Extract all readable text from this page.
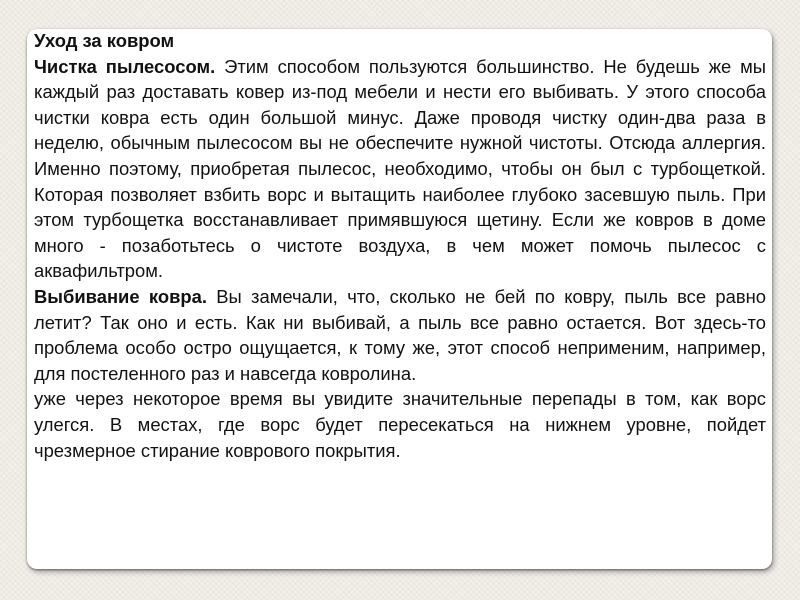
Уход за ковром

Чистка пылесосом. Этим способом пользуются большинство. Не будешь же мы каждый раз доставать ковер из-под мебели и нести его выбивать. У этого способа чистки ковра есть один большой минус. Даже проводя чистку один-два раза в неделю, обычным пылесосом вы не обеспечите нужной чистоты. Отсюда аллергия. Именно поэтому, приобретая пылесос, необходимо, чтобы он был с турбощеткой. Которая позволяет взбить ворс и вытащить наиболее глубоко засевшую пыль. При этом турбощетка восстанавливает примявшуюся щетину. Если же ковров в доме много - позаботьтесь о чистоте воздуха, в чем может помочь пылесос с аквафильтром.

Выбивание ковра. Вы замечали, что, сколько не бей по ковру, пыль все равно летит? Так оно и есть. Как ни выбивай, а пыль все равно остается. Вот здесь-то проблема особо остро ощущается, к тому же, этот способ неприменим, например, для постеленного раз и навсегда ковролина.

уже через некоторое время вы увидите значительные перепады в том, как ворс улегся. В местах, где ворс будет пересекаться на нижнем уровне, пойдет чрезмерное стирание коврового покрытия.
